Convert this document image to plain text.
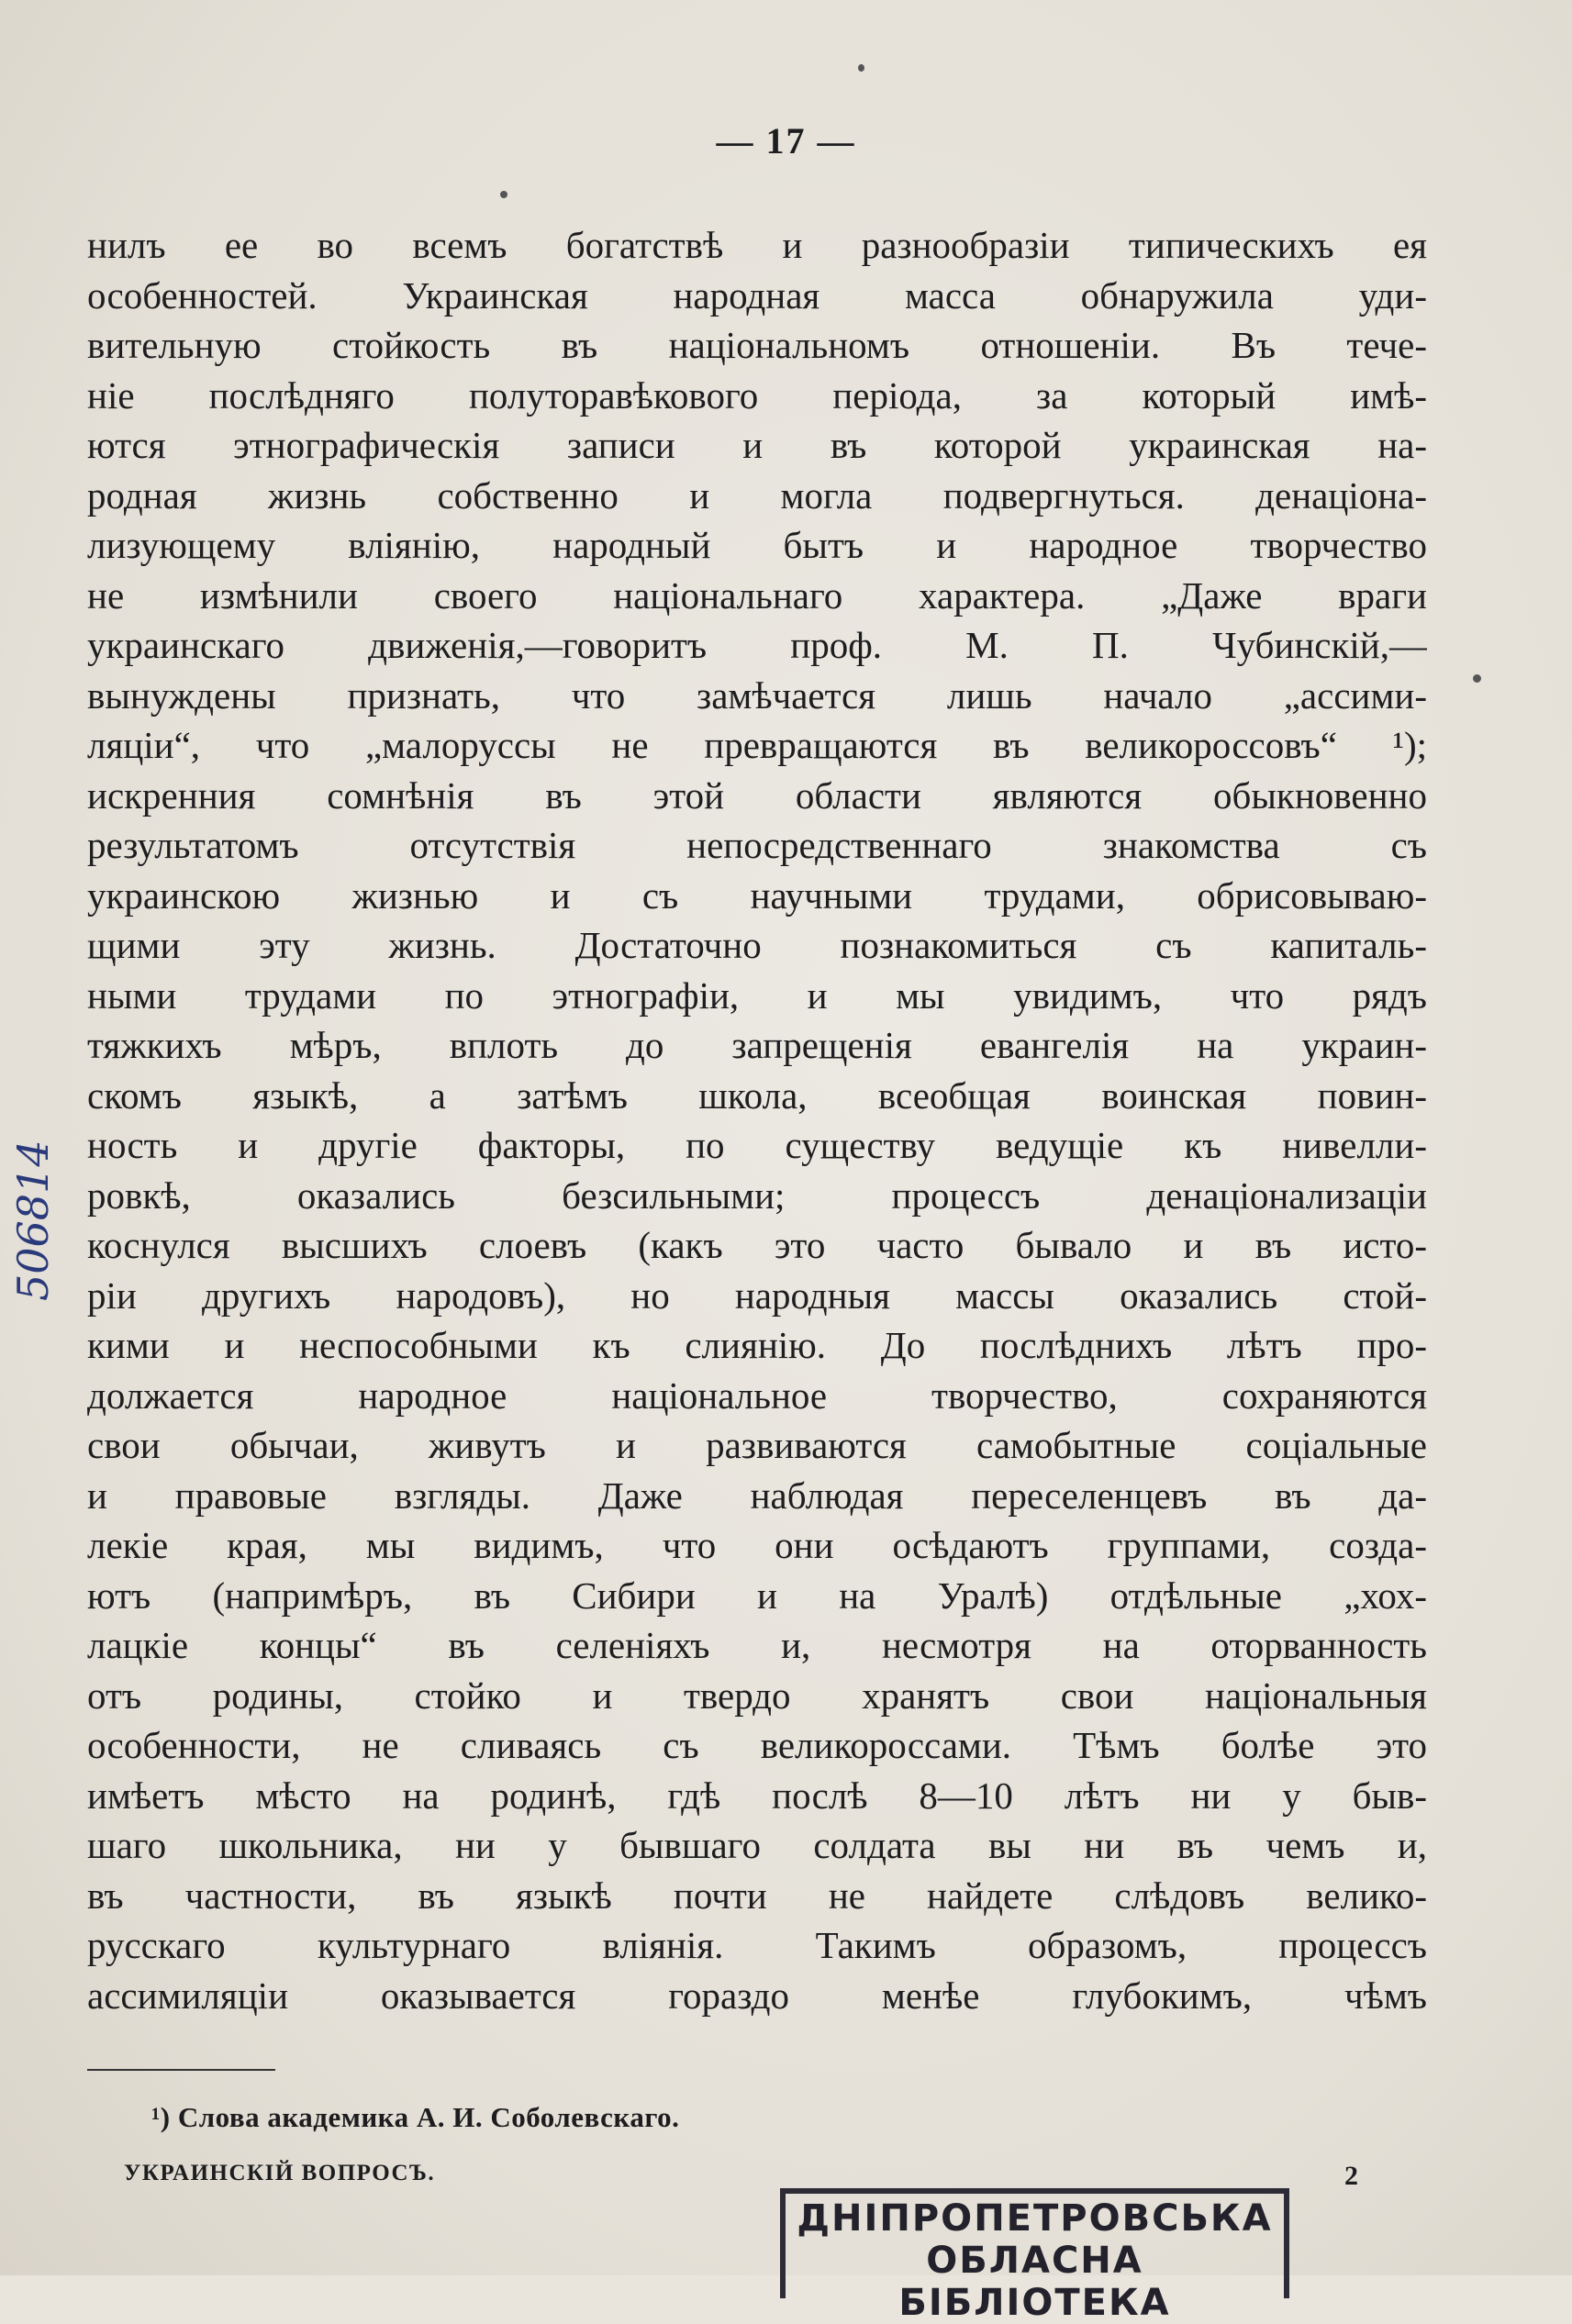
— 17 —
нилъ ее во всемъ богатствѣ и разнообразіи типическихъ ея
особенностей. Украинская народная масса обнаружила уди-
вительную стойкость въ національномъ отношеніи. Въ тече-
ніе послѣдняго полуторавѣкового періода, за который имѣ-
ются этнографическія записи и въ которой украинская на-
родная жизнь собственно и могла подвергнуться. денаціона-
лизующему вліянію, народный бытъ и народное творчество
не измѣнили своего національнаго характера. „Даже враги
украинскаго движенія,—говоритъ проф. М. П. Чубинскій,—
вынуждены признать, что замѣчается лишь начало „ассими-
ляціи“, что „малоруссы не превращаются въ великороссовъ“ ¹);
искренния сомнѣнія въ этой области являются обыкновенно
результатомъ отсутствія непосредственнаго знакомства съ
украинскою жизнью и съ научными трудами, обрисовываю-
щими эту жизнь. Достаточно познакомиться съ капиталь-
ными трудами по этнографіи, и мы увидимъ, что рядъ
тяжкихъ мѣръ, вплоть до запрещенія евангелія на украин-
скомъ языкѣ, а затѣмъ школа, всеобщая воинская повин-
ность и другіе факторы, по существу ведущіе къ нивелли-
ровкѣ, оказались безсильными; процессъ денаціонализаціи
коснулся высшихъ слоевъ (какъ это часто бывало и въ исто-
ріи другихъ народовъ), но народныя массы оказались стой-
кими и неспособными къ слиянію. До послѣднихъ лѣтъ про-
должается народное національное творчество, сохраняются
свои обычаи, живутъ и развиваются самобытные соціальные
и правовые взгляды. Даже наблюдая переселенцевъ въ да-
лекіе края, мы видимъ, что они осѣдаютъ группами, созда-
ютъ (напримѣръ, въ Сибири и на Уралѣ) отдѣльные „хох-
лацкіе концы“ въ селеніяхъ и, несмотря на оторванность
отъ родины, стойко и твердо хранятъ свои національныя
особенности, не сливаясь съ великороссами. Тѣмъ болѣе это
имѣетъ мѣсто на родинѣ, гдѣ послѣ 8—10 лѣтъ ни у быв-
шаго школьника, ни у бывшаго солдата вы ни въ чемъ и,
въ частности, въ языкѣ почти не найдете слѣдовъ велико-
русскаго культурнаго вліянія. Такимъ образомъ, процессъ
ассимиляціи оказывается гораздо менѣе глубокимъ, чѣмъ
¹) Слова академика А. И. Соболевскаго.
УКРАИНСКІЙ ВОПРОСЪ.	2
506814
ДНІПРОПЕТРОВСЬКА
ОБЛАСНА БІБЛІОТЕКА
